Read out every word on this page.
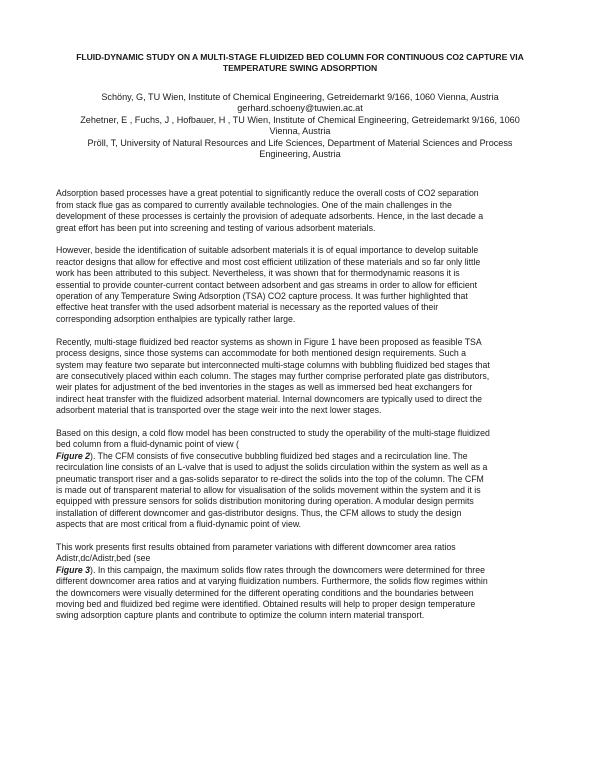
FLUID-DYNAMIC STUDY ON A MULTI-STAGE FLUIDIZED BED COLUMN FOR CONTINUOUS CO2 CAPTURE VIA
TEMPERATURE SWING ADSORPTION
Schöny, G, TU Wien, Institute of Chemical Engineering, Getreidemarkt 9/166, 1060 Vienna, Austria
gerhard.schoeny@tuwien.ac.at
Zehetner, E , Fuchs, J , Hofbauer, H , TU Wien, Institute of Chemical Engineering, Getreidemarkt 9/166, 1060
Vienna, Austria
Pröll, T, University of Natural Resources and Life Sciences, Department of Material Sciences and Process
Engineering, Austria
Adsorption based processes have a great potential to significantly reduce the overall costs of CO2 separation
from stack flue gas as compared to currently available technologies. One of the main challenges in the
development of these processes is certainly the provision of adequate adsorbents. Hence, in the last decade a
great effort has been put into screening and testing of various adsorbent materials.
However, beside the identification of suitable adsorbent materials it is of equal importance to develop suitable
reactor designs that allow for effective and most cost efficient utilization of these materials and so far only little
work has been attributed to this subject. Nevertheless, it was shown that for thermodynamic reasons it is
essential to provide counter-current contact between adsorbent and gas streams in order to allow for efficient
operation of any Temperature Swing Adsorption (TSA) CO2 capture process. It was further highlighted that
effective heat transfer with the used adsorbent material is necessary as the reported values of their
corresponding adsorption enthalpies are typically rather large.
Recently, multi-stage fluidized bed reactor systems as shown in Figure 1 have been proposed as feasible TSA
process designs, since those systems can accommodate for both mentioned design requirements. Such a
system may feature two separate but interconnected multi-stage columns with bubbling fluidized bed stages that
are consecutively placed within each column. The stages may further comprise perforated plate gas distributors,
weir plates for adjustment of the bed inventories in the stages as well as immersed bed heat exchangers for
indirect heat transfer with the fluidized adsorbent material. Internal downcomers are typically used to direct the
adsorbent material that is transported over the stage weir into the next lower stages.
Based on this design, a cold flow model has been constructed to study the operability of the multi-stage fluidized
bed column from a fluid-dynamic point of view (
Figure 2). The CFM consists of five consecutive bubbling fluidized bed stages and a recirculation line. The
recirculation line consists of an L-valve that is used to adjust the solids circulation within the system as well as a
pneumatic transport riser and a gas-solids separator to re-direct the solids into the top of the column. The CFM
is made out of transparent material to allow for visualisation of the solids movement within the system and it is
equipped with pressure sensors for solids distribution monitoring during operation. A modular design permits
installation of different downcomer and gas-distributor designs. Thus, the CFM allows to study the design
aspects that are most critical from a fluid-dynamic point of view.
This work presents first results obtained from parameter variations with different downcomer area ratios
Adistr,dc/Adistr,bed (see
Figure 3). In this campaign, the maximum solids flow rates through the downcomers were determined for three
different downcomer area ratios and at varying fluidization numbers. Furthermore, the solids flow regimes within
the downcomers were visually determined for the different operating conditions and the boundaries between
moving bed and fluidized bed regime were identified. Obtained results will help to proper design temperature
swing adsorption capture plants and contribute to optimize the column intern material transport.
